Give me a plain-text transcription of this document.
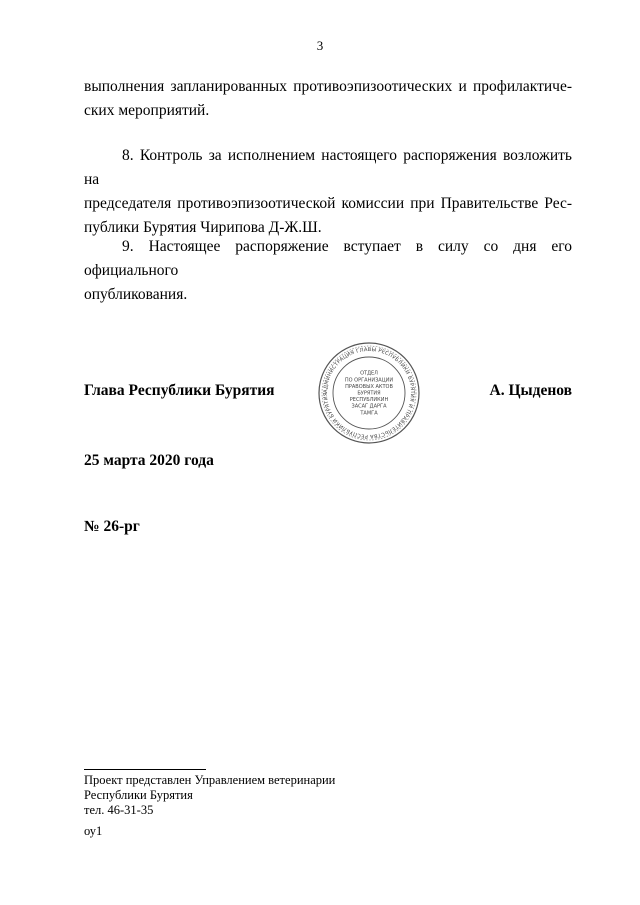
3
выполнения запланированных противоэпизоотических и профилактиче-
ских мероприятий.
8. Контроль за исполнением настоящего распоряжения возложить на
председателя противоэпизоотической комиссии при Правительстве Рес-
публики Бурятия Чирипова Д-Ж.Ш.
9. Настоящее распоряжение вступает в силу со дня его официального
опубликования.
Глава Республики Бурятия	АДМИНИСТРАЦИЯ ГЛАВЫ РЕСПУБЛИКИ БУРЯТИЯ И ПРАВИТЕЛЬСТВА РЕСПУБЛИКИ БУРЯТИЯ
ОТДЕЛ
ПО ОРГАНИЗАЦИИ
ПРАВОВЫХ АКТОВ
БУРЯТИЯ
РЕСПУБЛИКИН
ЗАСАГ ДАРГА
ТАМГА
А. Цыденов
25 марта 2020 года
№ 26-рг
Проект представлен Управлением ветеринарии
Республики Бурятия
тел. 46-31-35
оу1
